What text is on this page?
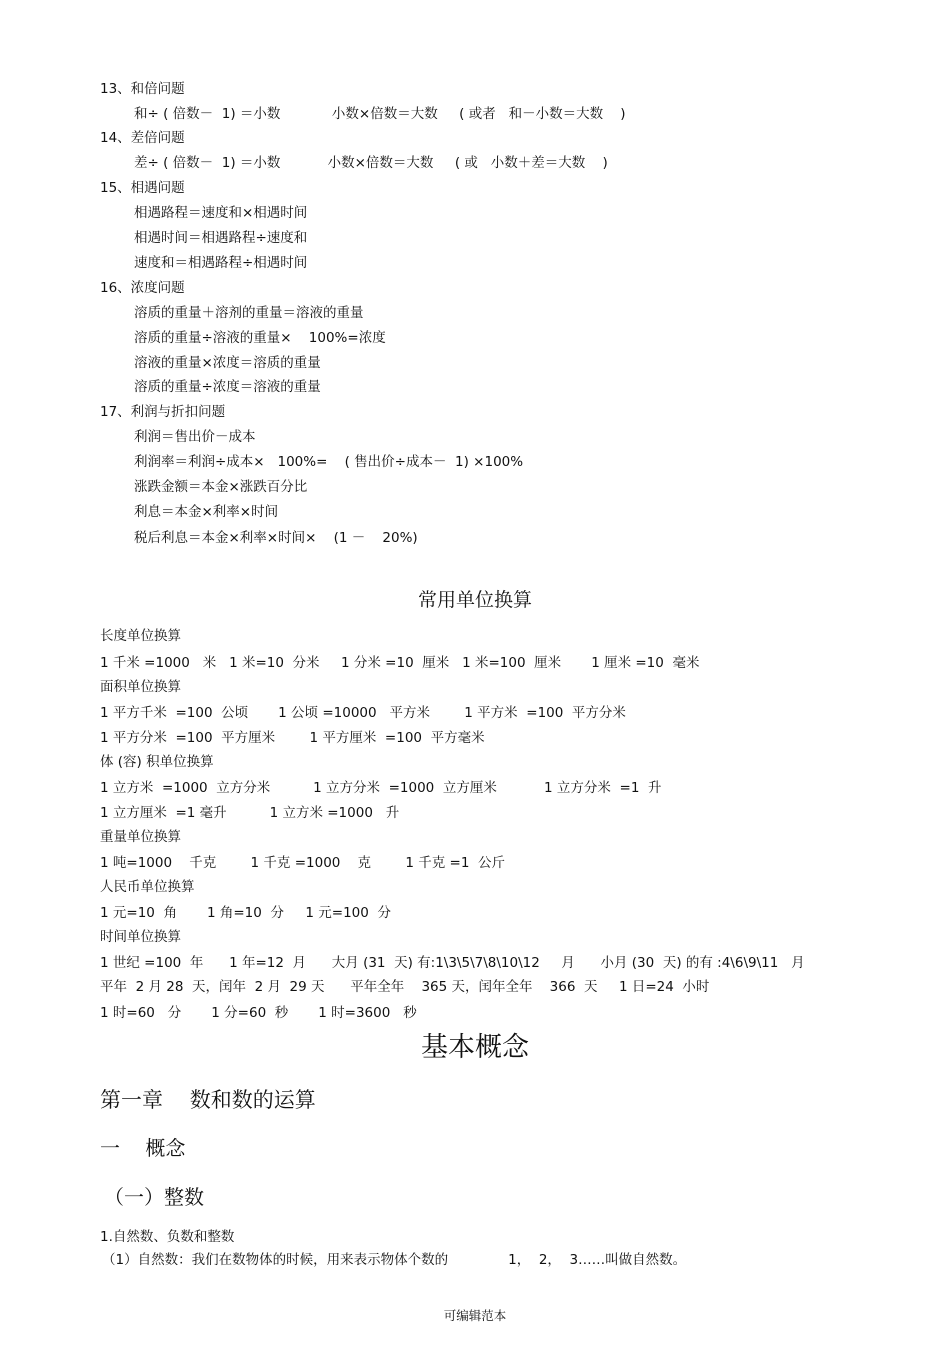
13、和倍问题
和÷ ( 倍数－  1) ＝小数            小数×倍数＝大数     ( 或者   和－小数＝大数    )
14、差倍问题
差÷ ( 倍数－  1) ＝小数           小数×倍数＝大数     ( 或   小数＋差＝大数    )
15、相遇问题
相遇路程＝速度和×相遇时间
相遇时间＝相遇路程÷速度和
速度和＝相遇路程÷相遇时间
16、浓度问题
溶质的重量＋溶剂的重量＝溶液的重量
溶质的重量÷溶液的重量×    100%=浓度
溶液的重量×浓度＝溶质的重量
溶质的重量÷浓度＝溶液的重量
17、利润与折扣问题
利润＝售出价－成本
利润率＝利润÷成本×   100%=    ( 售出价÷成本－  1) ×100%
涨跌金额＝本金×涨跌百分比
利息＝本金×利率×时间
税后利息＝本金×利率×时间×    (1 －    20%)
常用单位换算
长度单位换算
1 千米 =1000   米   1 米=10  分米     1 分米 =10  厘米   1 米=100  厘米       1 厘米 =10  毫米
面积单位换算
1 平方千米  =100  公顷       1 公顷 =10000   平方米        1 平方米  =100  平方分米
1 平方分米  =100  平方厘米        1 平方厘米  =100  平方毫米
体 (容) 积单位换算
1 立方米  =1000  立方分米          1 立方分米  =1000  立方厘米           1 立方分米  =1  升
1 立方厘米  =1 毫升          1 立方米 =1000   升
重量单位换算
1 吨=1000    千克        1 千克 =1000    克        1 千克 =1  公斤
人民币单位换算
1 元=10  角       1 角=10  分     1 元=100  分
时间单位换算
1 世纪 =100  年      1 年=12  月      大月 (31  天) 有:1\3\5\7\8\10\12     月      小月 (30  天) 的有 :4\6\9\11   月
平年  2 月 28  天，闰年  2 月  29 天      平年全年    365 天，闰年全年    366  天     1 日=24  小时
1 时=60   分       1 分=60  秒       1 时=3600   秒
基本概念
第一章    数和数的运算
一    概念
（一）整数
1.自然数、负数和整数
（1）自然数：我们在数物体的时候，用来表示物体个数的              1，  2，  3……叫做自然数。
可编辑范本
